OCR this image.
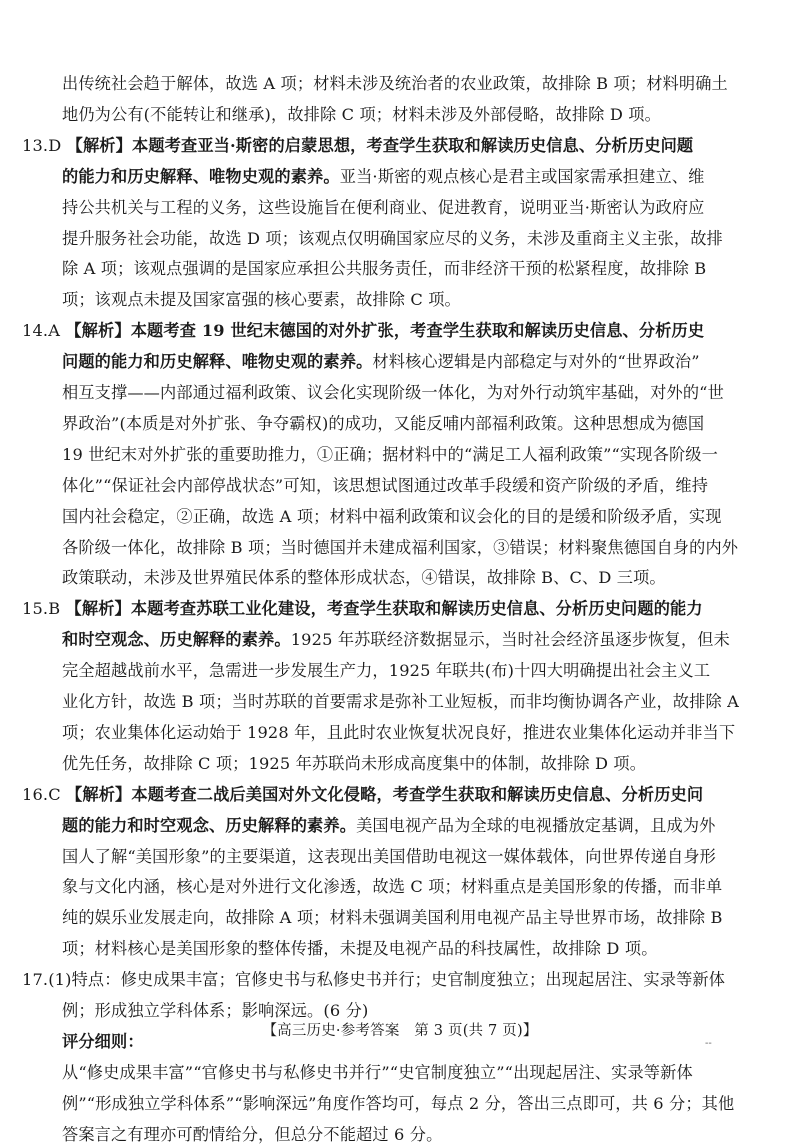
出传统社会趋于解体，故选 A 项；材料未涉及统治者的农业政策，故排除 B 项；材料明确土
地仍为公有(不能转让和继承)，故排除 C 项；材料未涉及外部侵略，故排除 D 项。
13.D 【解析】本题考查亚当·斯密的启蒙思想，考查学生获取和解读历史信息、分析历史问题
的能力和历史解释、唯物史观的素养。亚当·斯密的观点核心是君主或国家需承担建立、维
持公共机关与工程的义务，这些设施旨在便利商业、促进教育，说明亚当·斯密认为政府应
提升服务社会功能，故选 D 项；该观点仅明确国家应尽的义务，未涉及重商主义主张，故排
除 A 项；该观点强调的是国家应承担公共服务责任，而非经济干预的松紧程度，故排除 B
项；该观点未提及国家富强的核心要素，故排除 C 项。
14.A 【解析】本题考查 19 世纪末德国的对外扩张，考查学生获取和解读历史信息、分析历史
问题的能力和历史解释、唯物史观的素养。材料核心逻辑是内部稳定与对外的“世界政治”
相互支撑——内部通过福利政策、议会化实现阶级一体化，为对外行动筑牢基础，对外的“世
界政治”(本质是对外扩张、争夺霸权)的成功，又能反哺内部福利政策。这种思想成为德国
19 世纪末对外扩张的重要助推力，①正确；据材料中的“满足工人福利政策”“实现各阶级一
体化”“保证社会内部停战状态”可知，该思想试图通过改革手段缓和资产阶级的矛盾，维持
国内社会稳定，②正确，故选 A 项；材料中福利政策和议会化的目的是缓和阶级矛盾，实现
各阶级一体化，故排除 B 项；当时德国并未建成福利国家，③错误；材料聚焦德国自身的内外
政策联动，未涉及世界殖民体系的整体形成状态，④错误，故排除 B、C、D 三项。
15.B 【解析】本题考查苏联工业化建设，考查学生获取和解读历史信息、分析历史问题的能力
和时空观念、历史解释的素养。1925 年苏联经济数据显示，当时社会经济虽逐步恢复，但未
完全超越战前水平，急需进一步发展生产力，1925 年联共(布)十四大明确提出社会主义工
业化方针，故选 B 项；当时苏联的首要需求是弥补工业短板，而非均衡协调各产业，故排除 A
项；农业集体化运动始于 1928 年，且此时农业恢复状况良好，推进农业集体化运动并非当下
优先任务，故排除 C 项；1925 年苏联尚未形成高度集中的体制，故排除 D 项。
16.C 【解析】本题考查二战后美国对外文化侵略，考查学生获取和解读历史信息、分析历史问
题的能力和时空观念、历史解释的素养。美国电视产品为全球的电视播放定基调，且成为外
国人了解“美国形象”的主要渠道，这表现出美国借助电视这一媒体载体，向世界传递自身形
象与文化内涵，核心是对外进行文化渗透，故选 C 项；材料重点是美国形象的传播，而非单
纯的娱乐业发展走向，故排除 A 项；材料未强调美国利用电视产品主导世界市场，故排除 B
项；材料核心是美国形象的整体传播，未提及电视产品的科技属性，故排除 D 项。
17.(1)特点：修史成果丰富；官修史书与私修史书并行；史官制度独立；出现起居注、实录等新体
例；形成独立学科体系；影响深远。(6 分)
评分细则：
从“修史成果丰富”“官修史书与私修史书并行”“史官制度独立”“出现起居注、实录等新体
例”“形成独立学科体系”“影响深远”角度作答均可，每点 2 分，答出三点即可，共 6 分；其他
答案言之有理亦可酌情给分，但总分不能超过 6 分。
【高三历史·参考答案　第 3 页(共 7 页)】
--
